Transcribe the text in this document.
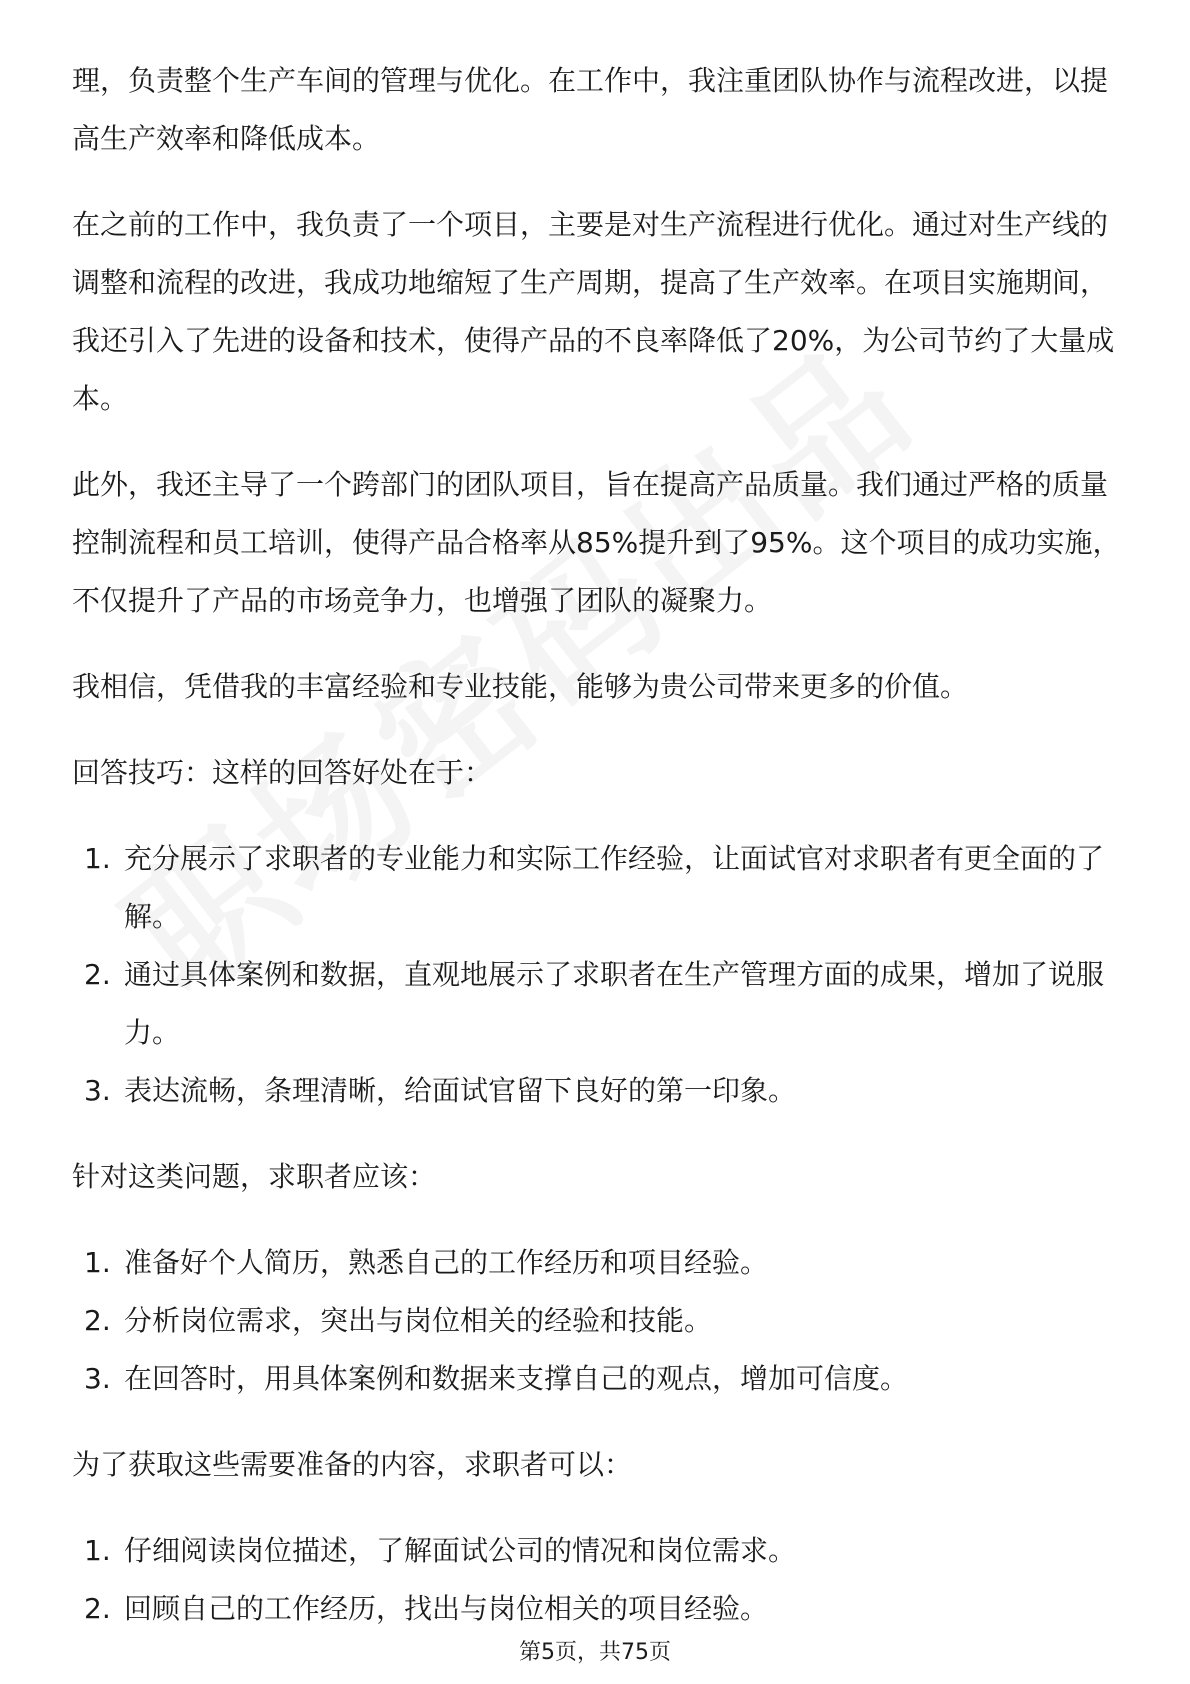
理，负责整个生产车间的管理与优化。在工作中，我注重团队协作与流程改进，以提高生产效率和降低成本。

在之前的工作中，我负责了一个项目，主要是对生产流程进行优化。通过对生产线的调整和流程的改进，我成功地缩短了生产周期，提高了生产效率。在项目实施期间，我还引入了先进的设备和技术，使得产品的不良率降低了20%，为公司节约了大量成本。

此外，我还主导了一个跨部门的团队项目，旨在提高产品质量。我们通过严格的质量控制流程和员工培训，使得产品合格率从85%提升到了95%。这个项目的成功实施，不仅提升了产品的市场竞争力，也增强了团队的凝聚力。

我相信，凭借我的丰富经验和专业技能，能够为贵公司带来更多的价值。

回答技巧：这样的回答好处在于：

1. 充分展示了求职者的专业能力和实际工作经验，让面试官对求职者有更全面的了解。
2. 通过具体案例和数据，直观地展示了求职者在生产管理方面的成果，增加了说服力。
3. 表达流畅，条理清晰，给面试官留下良好的第一印象。

针对这类问题，求职者应该：

1. 准备好个人简历，熟悉自己的工作经历和项目经验。
2. 分析岗位需求，突出与岗位相关的经验和技能。
3. 在回答时，用具体案例和数据来支撑自己的观点，增加可信度。

为了获取这些需要准备的内容，求职者可以：

1. 仔细阅读岗位描述，了解面试公司的情况和岗位需求。
2. 回顾自己的工作经历，找出与岗位相关的项目经验。
第5页，共75页
